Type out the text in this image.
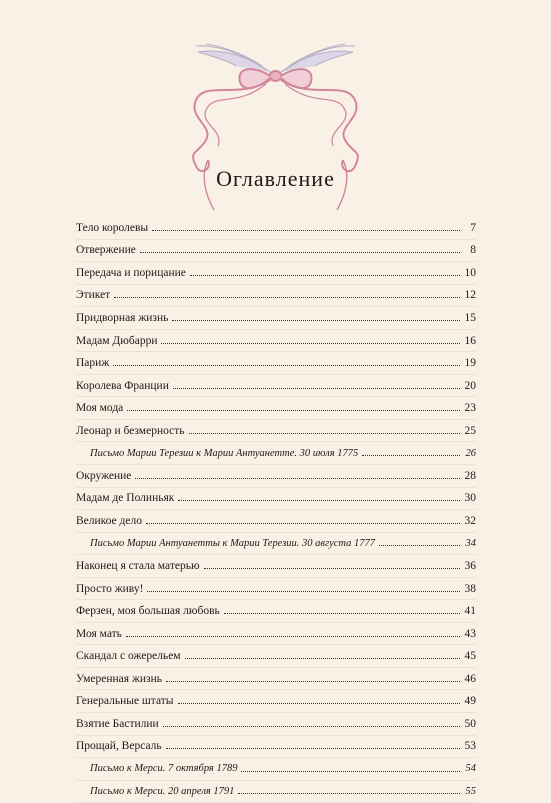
Оглавление
Тело королевы	7
Отвержение	8
Передача и порицание	10
Этикет	12
Придворная жизнь	15
Мадам Дюбарри	16
Париж	19
Королева Франции	20
Моя мода	23
Леонар и безмерность	25
Письмо Марии Терезии к Марии Антуанетте. 30 июля 1775	26
Окружение	28
Мадам де Полиньяк	30
Великое дело	32
Письмо Марии Антуанетты к Марии Терезии. 30 августа 1777	34
Наконец я стала матерью	36
Просто живу!	38
Ферзен, моя большая любовь	41
Моя мать	43
Скандал с ожерельем	45
Умеренная жизнь	46
Генеральные штаты	49
Взятие Бастилии	50
Прощай, Версаль	53
Письмо к Мерси. 7 октября 1789	54
Письмо к Мерси. 20 апреля 1791	55
